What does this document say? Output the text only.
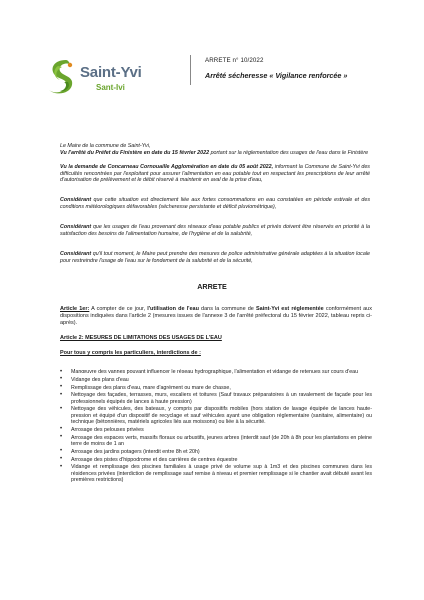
Saint-Yvi
Sant-Ivi
ARRETE n° 10/2022
Arrêté sécheresse « Vigilance renforcée »
Le Maire de la commune de Saint-Yvi,
Vu l'arrêté du Préfet du Finistère en date du 15 février 2022 portant sur la réglementation des usages de l'eau dans le Finistère
Vu la demande de Concarneau Cornouaille Agglomération en date du 05 août 2022, informant la Commune de Saint-Yvi des difficultés rencontrées par l'exploitant pour assurer l'alimentation en eau potable tout en respectant les prescriptions de leur arrêté d'autorisation de prélèvement et le débit réservé à maintenir en aval de la prise d'eau,
Considérant que cette situation est directement liée aux fortes consommations en eau constatées en période estivale et des conditions météorologiques défavorables (sécheresse persistante et déficit pluviométrique),
Considérant que les usages de l'eau provenant des réseaux d'eau potable publics et privés doivent être réservés en priorité à la satisfaction des besoins de l'alimentation humaine, de l'hygiène et de la salubrité,
Considérant qu'il tout moment, le Maire peut prendre des mesures de police administrative générale adaptées à la situation locale pour restreindre l'usage de l'eau sur le fondement de la salubrité et de la sécurité,
ARRETE
Article 1er: A compter de ce jour, l'utilisation de l'eau dans la commune de Saint-Yvi est réglementée conformément aux dispositions indiquées dans l'article 2 (mesures issues de l'annexe 3 de l'arrêté préfectoral du 15 février 2022, tableau repris ci-après).
Article 2: MESURES DE LIMITATIONS DES USAGES DE L'EAU
Pour tous y compris les particuliers, interdictions de :
• Manœuvre des vannes pouvant influencer le réseau hydrographique, l'alimentation et vidange de retenues sur cours d'eau
• Vidange des plans d'eau
• Remplissage des plans d'eau, mare d'agrément ou mare de chasse,
• Nettoyage des façades, terrasses, murs, escaliers et toitures (Sauf travaux préparatoires à un ravalement de façade pour les professionnels équipés de lances à haute pression)
• Nettoyage des véhicules, des bateaux, y compris par dispositifs mobiles (hors station de lavage équipée de lances haute-pression et équipé d'un dispositif de recyclage et sauf véhicules ayant une obligation réglementaire (sanitaire, alimentaire) ou technique (bétonnières, matériels agricoles liés aux moissons) ou liée à la sécurité.
• Arrosage des pelouses privées
• Arrosage des espaces verts, massifs floraux ou arbustifs, jeunes arbres (interdit sauf (de 20h à 8h pour les plantations en pleine terre de moins de 1 an
• Arrosage des jardins potagers (interdit entre 8h et 20h)
• Arrosage des pistes d'hippodrome et des carrières de centres équestre
• Vidange et remplissage des piscines familiales à usage privé de volume sup à 1m3 et des piscines communes dans les résidences privées (interdiction de remplissage sauf remise à niveau et premier remplissage si le chantier avait débuté avant les premières restrictions)
